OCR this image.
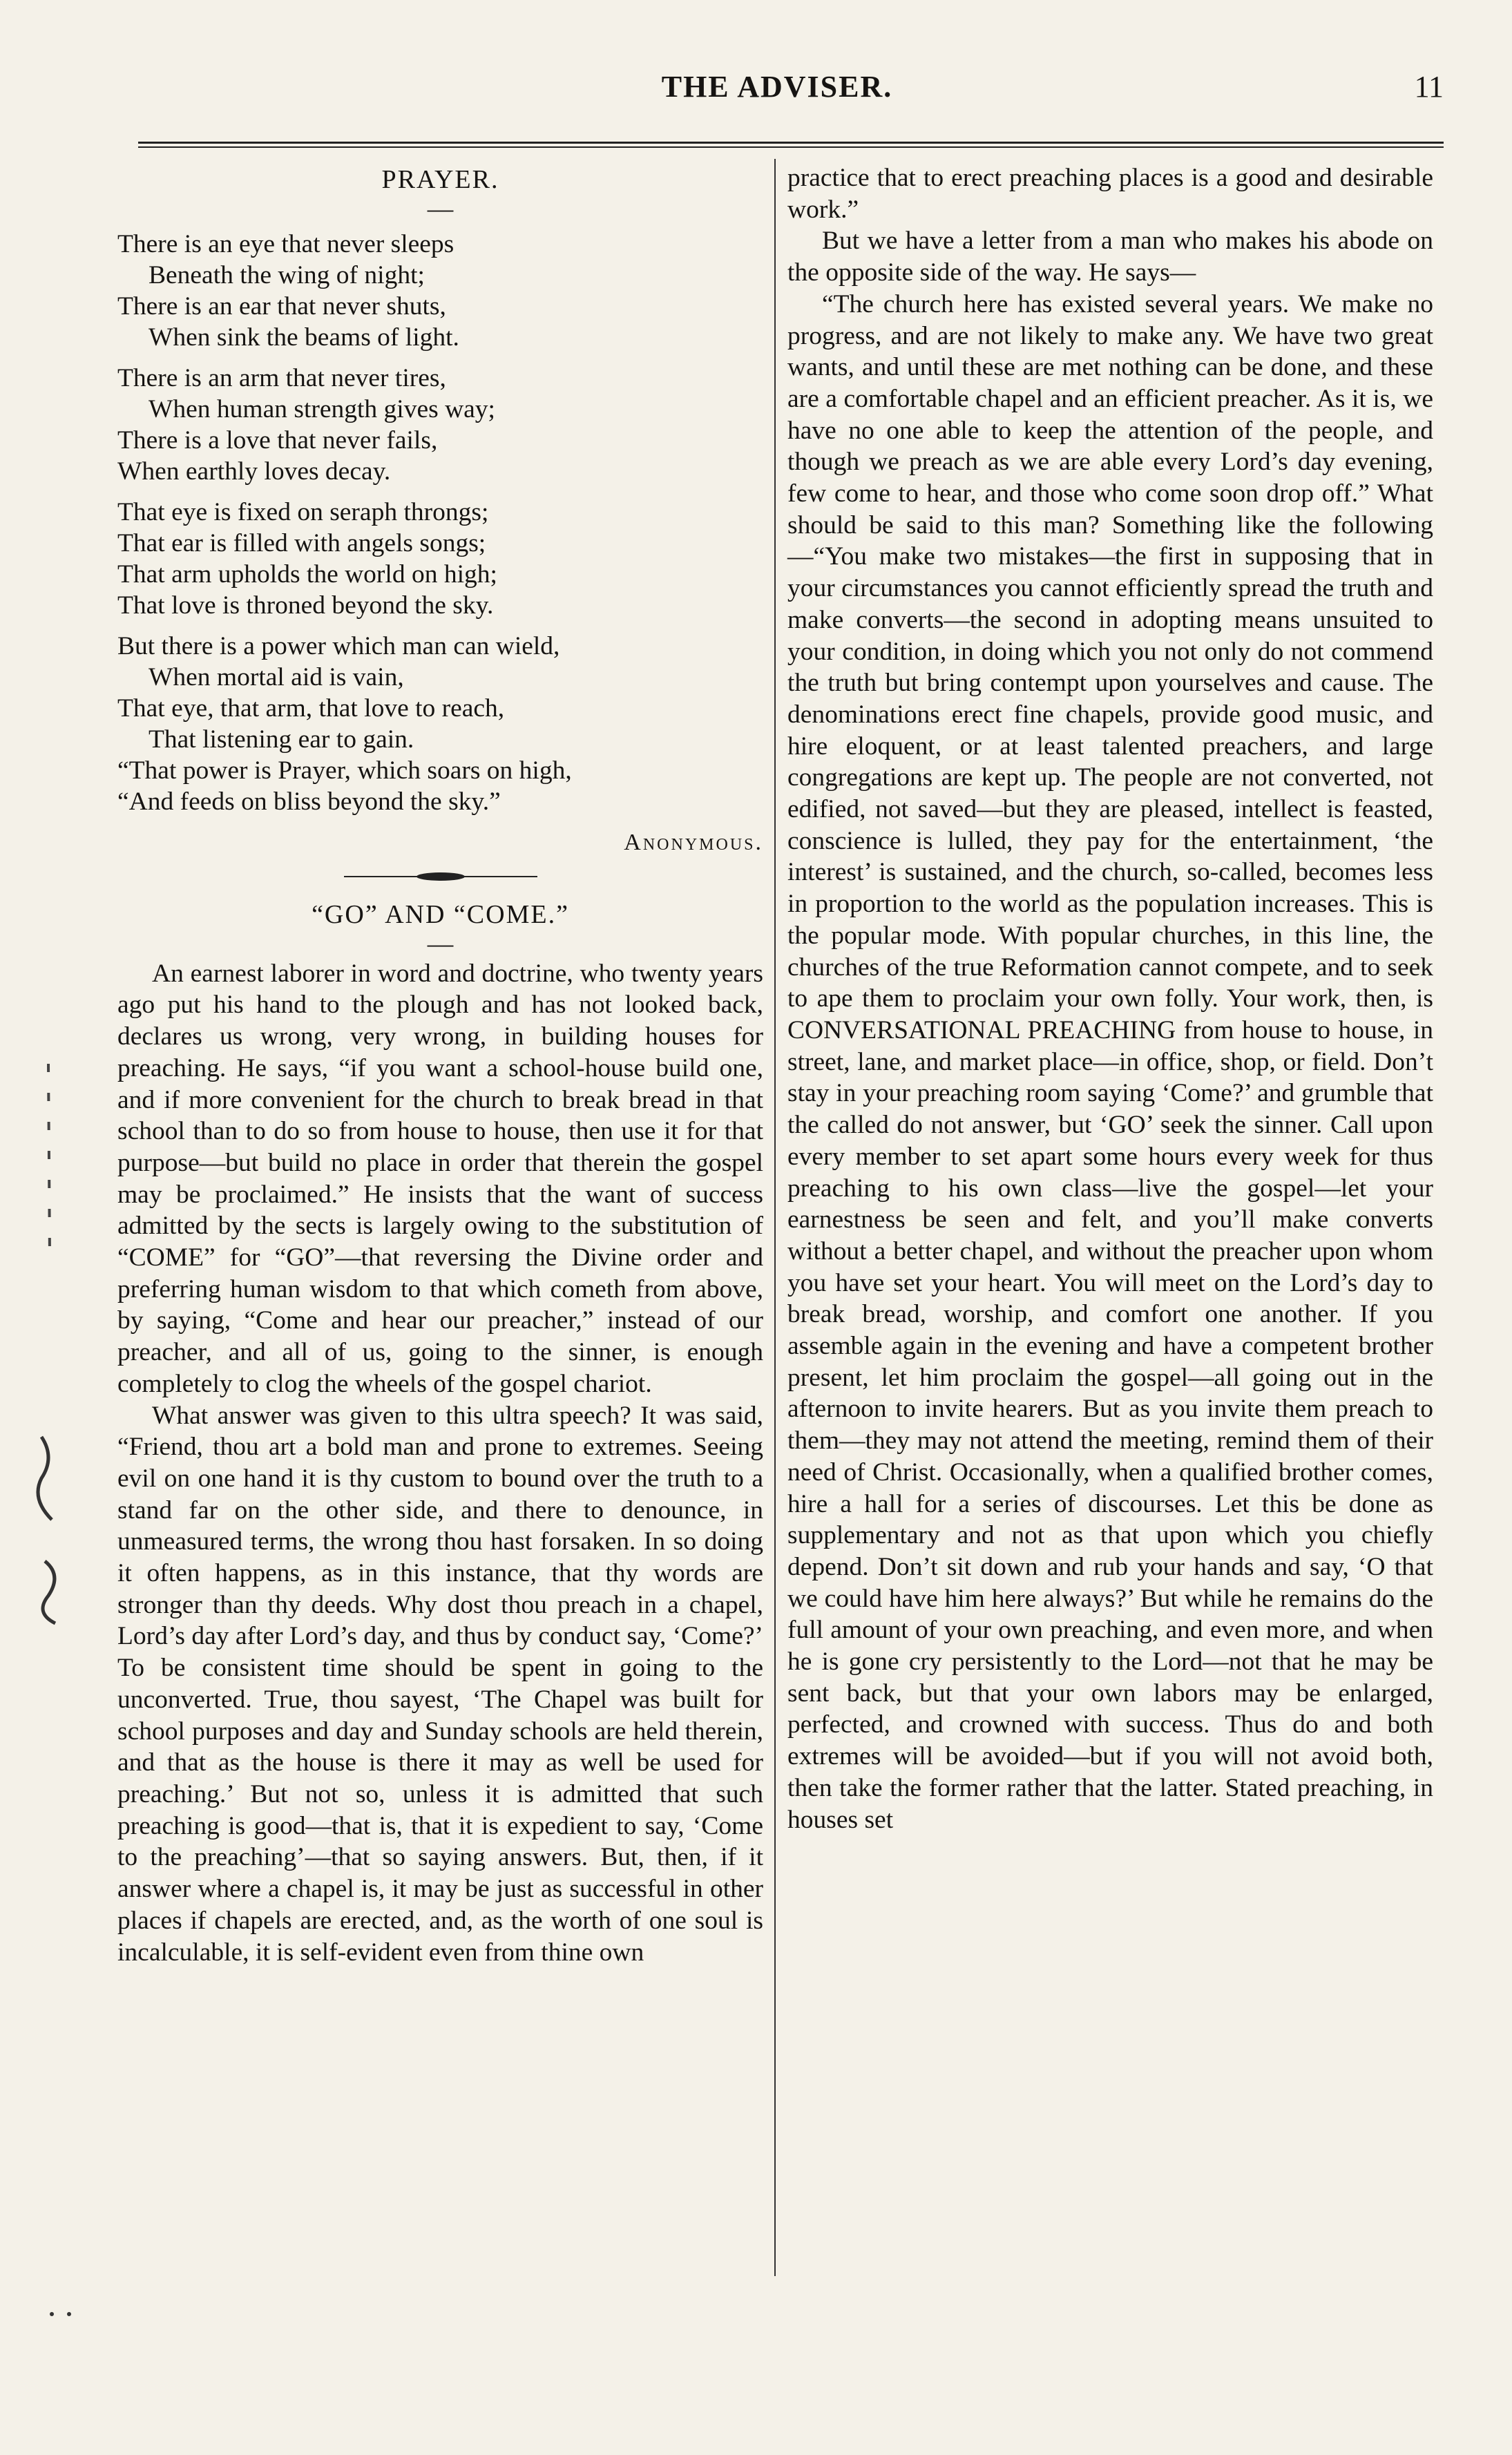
THE ADVISER.	11
PRAYER.

—

There is an eye that never sleeps

Beneath the wing of night;

There is an ear that never shuts,

When sink the beams of light.

There is an arm that never tires,

When human strength gives way;

There is a love that never fails,

When earthly loves decay.

That eye is fixed on seraph throngs;

That ear is filled with angels songs;

That arm upholds the world on high;

That love is throned beyond the sky.

But there is a power which man can wield,

When mortal aid is vain,

That eye, that arm, that love to reach,

That listening ear to gain.

“That power is Prayer, which soars on high,

“And feeds on bliss beyond the sky.”

Anonymous.

“GO” AND “COME.”

—

An earnest laborer in word and doctrine, who twenty years ago put his hand to the plough and has not looked back, declares us wrong, very wrong, in building houses for preaching. He says, “if you want a school-house build one, and if more convenient for the church to break bread in that school than to do so from house to house, then use it for that purpose—but build no place in order that therein the gospel may be proclaimed.” He insists that the want of success admitted by the sects is largely owing to the substitution of “COME” for “GO”—that reversing the Divine order and preferring human wisdom to that which cometh from above, by saying, “Come and hear our preacher,” instead of our preacher, and all of us, going to the sinner, is enough completely to clog the wheels of the gospel chariot.

What answer was given to this ultra speech? It was said, “Friend, thou art a bold man and prone to extremes. Seeing evil on one hand it is thy custom to bound over the truth to a stand far on the other side, and there to denounce, in unmeasured terms, the wrong thou hast forsaken. In so doing it often happens, as in this instance, that thy words are stronger than thy deeds. Why dost thou preach in a chapel, Lord’s day after Lord’s day, and thus by conduct say, ‘Come?’ To be consistent time should be spent in going to the unconverted. True, thou sayest, ‘The Chapel was built for school purposes and day and Sunday schools are held therein, and that as the house is there it may as well be used for preaching.’ But not so, unless it is admitted that such preaching is good—that is, that it is expedient to say, ‘Come to the preaching’—that so saying answers. But, then, if it answer where a chapel is, it may be just as successful in other places if chapels are erected, and, as the worth of one soul is incalculable, it is self-evident even from thine own

practice that to erect preaching places is a good and desirable work.”

But we have a letter from a man who makes his abode on the opposite side of the way. He says—

“The church here has existed several years. We make no progress, and are not likely to make any. We have two great wants, and until these are met nothing can be done, and these are a comfortable chapel and an efficient preacher. As it is, we have no one able to keep the attention of the people, and though we preach as we are able every Lord’s day evening, few come to hear, and those who come soon drop off.” What should be said to this man? Something like the following—“You make two mistakes—the first in supposing that in your circumstances you cannot efficiently spread the truth and make converts—the second in adopting means unsuited to your condition, in doing which you not only do not commend the truth but bring contempt upon yourselves and cause. The denominations erect fine chapels, provide good music, and hire eloquent, or at least talented preachers, and large congregations are kept up. The people are not converted, not edified, not saved—but they are pleased, intellect is feasted, conscience is lulled, they pay for the entertainment, ‘the interest’ is sustained, and the church, so-called, becomes less in proportion to the world as the population increases. This is the popular mode. With popular churches, in this line, the churches of the true Reformation cannot compete, and to seek to ape them to proclaim your own folly. Your work, then, is CONVERSATIONAL PREACHING from house to house, in street, lane, and market place—in office, shop, or field. Don’t stay in your preaching room saying ‘Come?’ and grumble that the called do not answer, but ‘GO’ seek the sinner. Call upon every member to set apart some hours every week for thus preaching to his own class—live the gospel—let your earnestness be seen and felt, and you’ll make converts without a better chapel, and without the preacher upon whom you have set your heart. You will meet on the Lord’s day to break bread, worship, and comfort one another. If you assemble again in the evening and have a competent brother present, let him proclaim the gospel—all going out in the afternoon to invite hearers. But as you invite them preach to them—they may not attend the meeting, remind them of their need of Christ. Occasionally, when a qualified brother comes, hire a hall for a series of discourses. Let this be done as supplementary and not as that upon which you chiefly depend. Don’t sit down and rub your hands and say, ‘O that we could have him here always?’ But while he remains do the full amount of your own preaching, and even more, and when he is gone cry persistently to the Lord—not that he may be sent back, but that your own labors may be enlarged, perfected, and crowned with success. Thus do and both extremes will be avoided—but if you will not avoid both, then take the former rather that the latter. Stated preaching, in houses set
